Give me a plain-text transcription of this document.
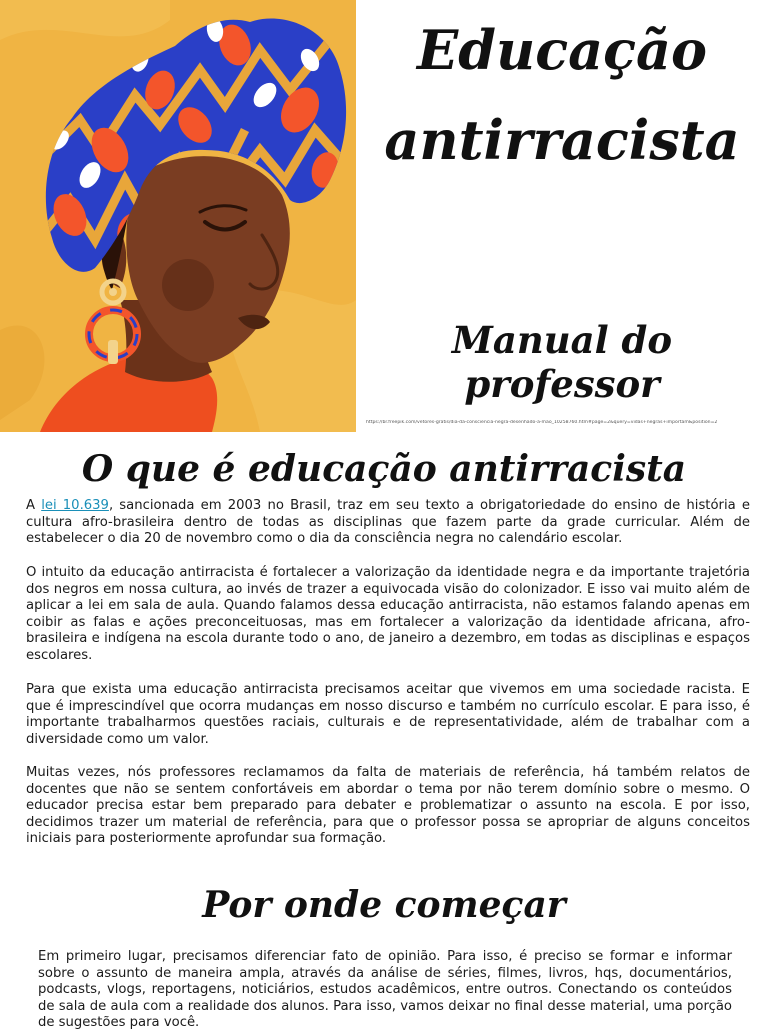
Educação
antirracista
Manual do professor
https://br.freepik.com/vetores-gratis/dia-da-consciencia-negra-desenhado-a-mao_10258760.htm#page=2&query=vidas+negras+importam&position=2
O que é educação antirracista

A lei 10.639, sancionada em 2003 no Brasil, traz em seu texto a obrigatoriedade do ensino de história e cultura afro-brasileira dentro de todas as disciplinas que fazem parte da grade curricular. Além de estabelecer o dia 20 de novembro como o dia da consciência negra no calendário escolar.

O intuito da educação antirracista é fortalecer a valorização da identidade negra e da importante trajetória dos negros em nossa cultura, ao invés de trazer a equivocada visão do colonizador. E isso vai muito além de aplicar a lei em sala de aula. Quando falamos dessa educação antirracista, não estamos falando apenas em coibir as falas e ações preconceituosas, mas em fortalecer a valorização da identidade africana, afro-brasileira e indígena na escola durante todo o ano, de janeiro a dezembro, em todas as disciplinas e espaços escolares.

Para que exista uma educação antirracista precisamos aceitar que vivemos em uma sociedade racista. E que é imprescindível que ocorra mudanças em nosso discurso e também no currículo escolar. E para isso, é importante trabalharmos questões raciais, culturais e de representatividade, além de trabalhar com a diversidade como um valor.

Muitas vezes, nós professores reclamamos da falta de materiais de referência, há também relatos de docentes que não se sentem confortáveis em abordar o tema por não terem domínio sobre o mesmo. O educador precisa estar bem preparado para debater e problematizar o assunto na escola. E por isso, decidimos trazer um material de referência, para que o professor possa se apropriar de alguns conceitos iniciais para posteriormente aprofundar sua formação.

Por onde começar

Em primeiro lugar, precisamos diferenciar fato de opinião. Para isso, é preciso se formar e informar sobre o assunto de maneira ampla, através da análise de séries, filmes, livros, hqs, documentários, podcasts, vlogs, reportagens, noticiários, estudos acadêmicos, entre outros. Conectando os conteúdos de sala de aula com a realidade dos alunos. Para isso, vamos deixar no final desse material, uma porção de sugestões para você.
